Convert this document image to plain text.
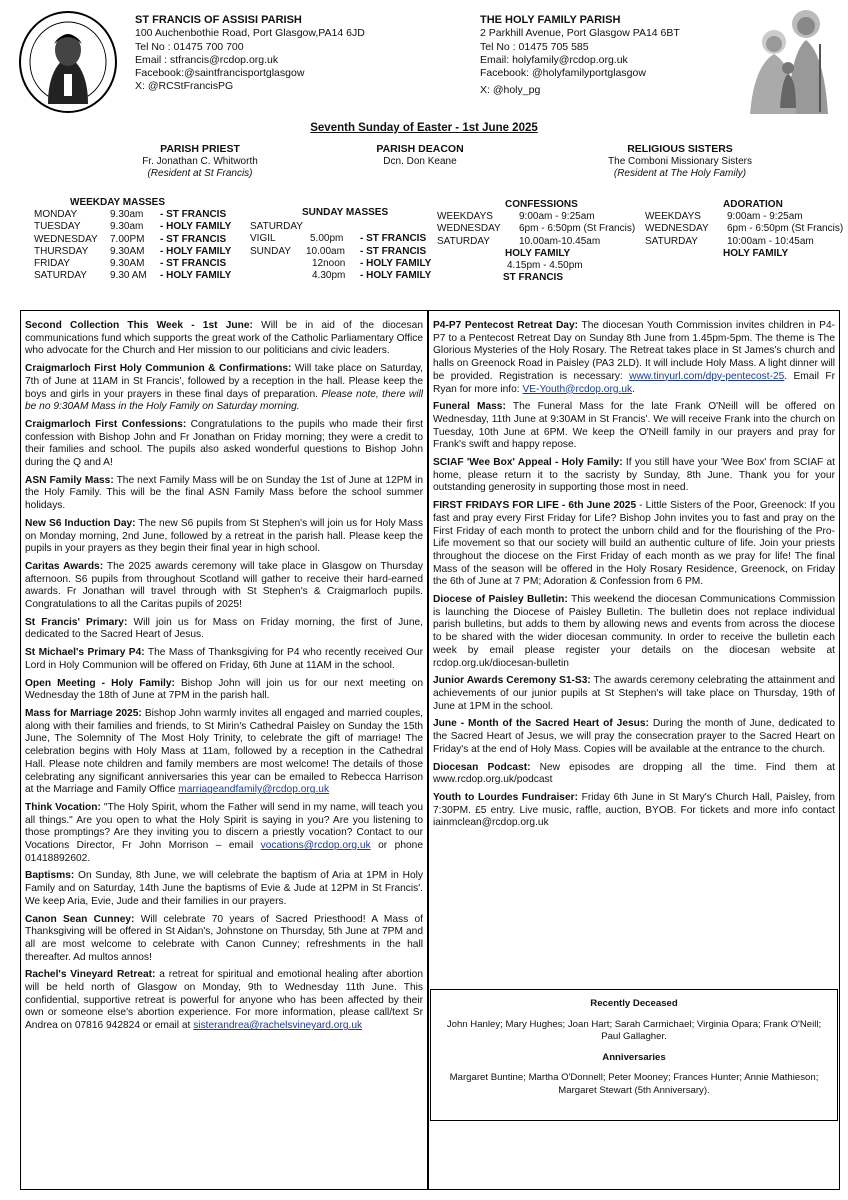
ST FRANCIS OF ASSISI PARISH
100 Auchenbothie Road, Port Glasgow,PA14 6JD
Tel No : 01475 700 700
Email : stfrancis@rcdop.org.uk
Facebook:@saintfrancisportglasgow
X: @RCStFrancisPG
THE HOLY FAMILY PARISH
2 Parkhill Avenue, Port Glasgow PA14 6BT
Tel No : 01475 705 585
Email: holyfamily@rcdop.org.uk
Facebook: @holyfamilyportglasgow
X: @holy_pg
Seventh Sunday of Easter - 1st June 2025
PARISH PRIEST
Fr. Jonathan C. Whitworth
(Resident at St Francis)
PARISH DEACON
Dcn. Don Keane
RELIGIOUS SISTERS
The Comboni Missionary Sisters
(Resident at The Holy Family)
WEEKDAY MASSES
MONDAY	9.30am	- ST FRANCIS
TUESDAY	9.30am	- HOLY FAMILY
WEDNESDAY	7.00PM	- ST FRANCIS
THURSDAY	9.30AM	- HOLY FAMILY
FRIDAY	9.30AM	- ST FRANCIS
SATURDAY	9.30 AM	- HOLY FAMILY
SUNDAY MASSES
SATURDAY
VIGIL	5.00pm	- ST FRANCIS
SUNDAY	10.00am	- ST FRANCIS
12noon	- HOLY FAMILY
4.30pm	- HOLY FAMILY
CONFESSIONS
WEEKDAYS	9:00am - 9:25am
WEDNESDAY	6pm - 6:50pm (St Francis)
SATURDAY	10.00am-10.45am
HOLY FAMILY
4.15pm - 4.50pm
ST FRANCIS
ADORATION
WEEKDAYS	9:00am - 9:25am
WEDNESDAY	6pm - 6:50pm (St Francis)
SATURDAY	10:00am - 10:45am
HOLY FAMILY
Second Collection This Week - 1st June: Will be in aid of the diocesan communications fund which supports the great work of the Catholic Parliamentary Office who advocate for the Church and Her mission to our politicians and civic leaders.
Craigmarloch First Holy Communion & Confirmations: Will take place on Saturday, 7th of June at 11AM in St Francis', followed by a reception in the hall. Please keep the boys and girls in your prayers in these final days of preparation. Please note, there will be no 9:30AM Mass in the Holy Family on Saturday morning.
Craigmarloch First Confessions: Congratulations to the pupils who made their first confession with Bishop John and Fr Jonathan on Friday morning; they were a credit to their families and school. The pupils also asked wonderful questions to Bishop John during the Q and A!
ASN Family Mass: The next Family Mass will be on Sunday the 1st of June at 12PM in the Holy Family. This will be the final ASN Family Mass before the school summer holidays.
New S6 Induction Day: The new S6 pupils from St Stephen's will join us for Holy Mass on Monday morning, 2nd June, followed by a retreat in the parish hall. Please keep the pupils in your prayers as they begin their final year in high school.
Caritas Awards: The 2025 awards ceremony will take place in Glasgow on Thursday afternoon. S6 pupils from throughout Scotland will gather to receive their hard-earned awards. Fr Jonathan will travel through with St Stephen's & Craigmarloch pupils. Congratulations to all the Caritas pupils of 2025!
St Francis' Primary: Will join us for Mass on Friday morning, the first of June, dedicated to the Sacred Heart of Jesus.
St Michael's Primary P4: The Mass of Thanksgiving for P4 who recently received Our Lord in Holy Communion will be offered on Friday, 6th June at 11AM in the school.
Open Meeting - Holy Family: Bishop John will join us for our next meeting on Wednesday the 18th of June at 7PM in the parish hall.
Mass for Marriage 2025: Bishop John warmly invites all engaged and married couples, along with their families and friends, to St Mirin's Cathedral Paisley on Sunday the 15th June, The Solemnity of The Most Holy Trinity, to celebrate the gift of marriage! The celebration begins with Holy Mass at 11am, followed by a reception in the Cathedral Hall. Please note children and family members are most welcome! The details of those celebrating any significant anniversaries this year can be emailed to Rebecca Harrison at the Marriage and Family Office marriageandfamily@rcdop.org.uk
Think Vocation: "The Holy Spirit, whom the Father will send in my name, will teach you all things." Are you open to what the Holy Spirit is saying in you? Are you listening to those promptings? Are they inviting you to discern a priestly vocation? Contact to our Vocations Director, Fr John Morrison – email vocations@rcdop.org.uk or phone 01418892602.
Baptisms: On Sunday, 8th June, we will celebrate the baptism of Aria at 1PM in Holy Family and on Saturday, 14th June the baptisms of Evie & Jude at 12PM in St Francis'. We keep Aria, Evie, Jude and their families in our prayers.
Canon Sean Cunney: Will celebrate 70 years of Sacred Priesthood! A Mass of Thanksgiving will be offered in St Aidan's, Johnstone on Thursday, 5th June at 7PM and all are most welcome to celebrate with Canon Cunney; refreshments in the hall thereafter. Ad multos annos!
Rachel's Vineyard Retreat: a retreat for spiritual and emotional healing after abortion will be held north of Glasgow on Monday, 9th to Wednesday 11th June. This confidential, supportive retreat is powerful for anyone who has been affected by their own or someone else's abortion experience. For more information, please call/text Sr Andrea on 07816 942824 or email at sisterandrea@rachelsvineyard.org.uk
P4-P7 Pentecost Retreat Day: The diocesan Youth Commission invites children in P4-P7 to a Pentecost Retreat Day on Sunday 8th June from 1.45pm-5pm. The theme is The Glorious Mysteries of the Holy Rosary. The Retreat takes place in St James's church and halls on Greenock Road in Paisley (PA3 2LD). It will include Holy Mass. A light dinner will be provided. Registration is necessary: www.tinyurl.com/dpy-pentecost-25. Email Fr Ryan for more info: VE-Youth@rcdop.org.uk.
Funeral Mass: The Funeral Mass for the late Frank O'Neill will be offered on Wednesday, 11th June at 9:30AM in St Francis'. We will receive Frank into the church on Tuesday, 10th June at 6PM. We keep the O'Neill family in our prayers and pray for Frank's swift and happy repose.
SCIAF 'Wee Box' Appeal - Holy Family: If you still have your 'Wee Box' from SCIAF at home, please return it to the sacristy by Sunday, 8th June. Thank you for your outstanding generosity in supporting those most in need.
FIRST FRIDAYS FOR LIFE - 6th June 2025 - Little Sisters of the Poor, Greenock: If you fast and pray every First Friday for Life? Bishop John invites you to fast and pray on the First Friday of each month to protect the unborn child and for the flourishing of the Pro-Life movement so that our society will build an authentic culture of life. Join your priests throughout the diocese on the First Friday of each month as we pray for life! The final Mass of the season will be offered in the Holy Rosary Residence, Greenock, on Friday the 6th of June at 7 PM; Adoration & Confession from 6 PM.
Diocese of Paisley Bulletin: This weekend the diocesan Communications Commission is launching the Diocese of Paisley Bulletin. The bulletin does not replace individual parish bulletins, but adds to them by allowing news and events from across the diocese to be shared with the wider diocesan community. In order to receive the bulletin each week by email please register your details on the diocesan website at rcdop.org.uk/diocesan-bulletin
Junior Awards Ceremony S1-S3: The awards ceremony celebrating the attainment and achievements of our junior pupils at St Stephen's will take place on Thursday, 19th of June at 1PM in the school.
June - Month of the Sacred Heart of Jesus: During the month of June, dedicated to the Sacred Heart of Jesus, we will pray the consecration prayer to the Sacred Heart on Friday's at the end of Holy Mass. Copies will be available at the entrance to the church.
Diocesan Podcast: New episodes are dropping all the time. Find them at www.rcdop.org.uk/podcast
Youth to Lourdes Fundraiser: Friday 6th June in St Mary's Church Hall, Paisley, from 7:30PM. £5 entry. Live music, raffle, auction, BYOB. For tickets and more info contact iainmclean@rcdop.org.uk
Recently Deceased
John Hanley; Mary Hughes; Joan Hart; Sarah Carmichael; Virginia Opara; Frank O'Neill; Paul Gallagher.
Anniversaries
Margaret Buntine; Martha O'Donnell; Peter Mooney; Frances Hunter; Annie Mathieson; Margaret Stewart (5th Anniversary).
